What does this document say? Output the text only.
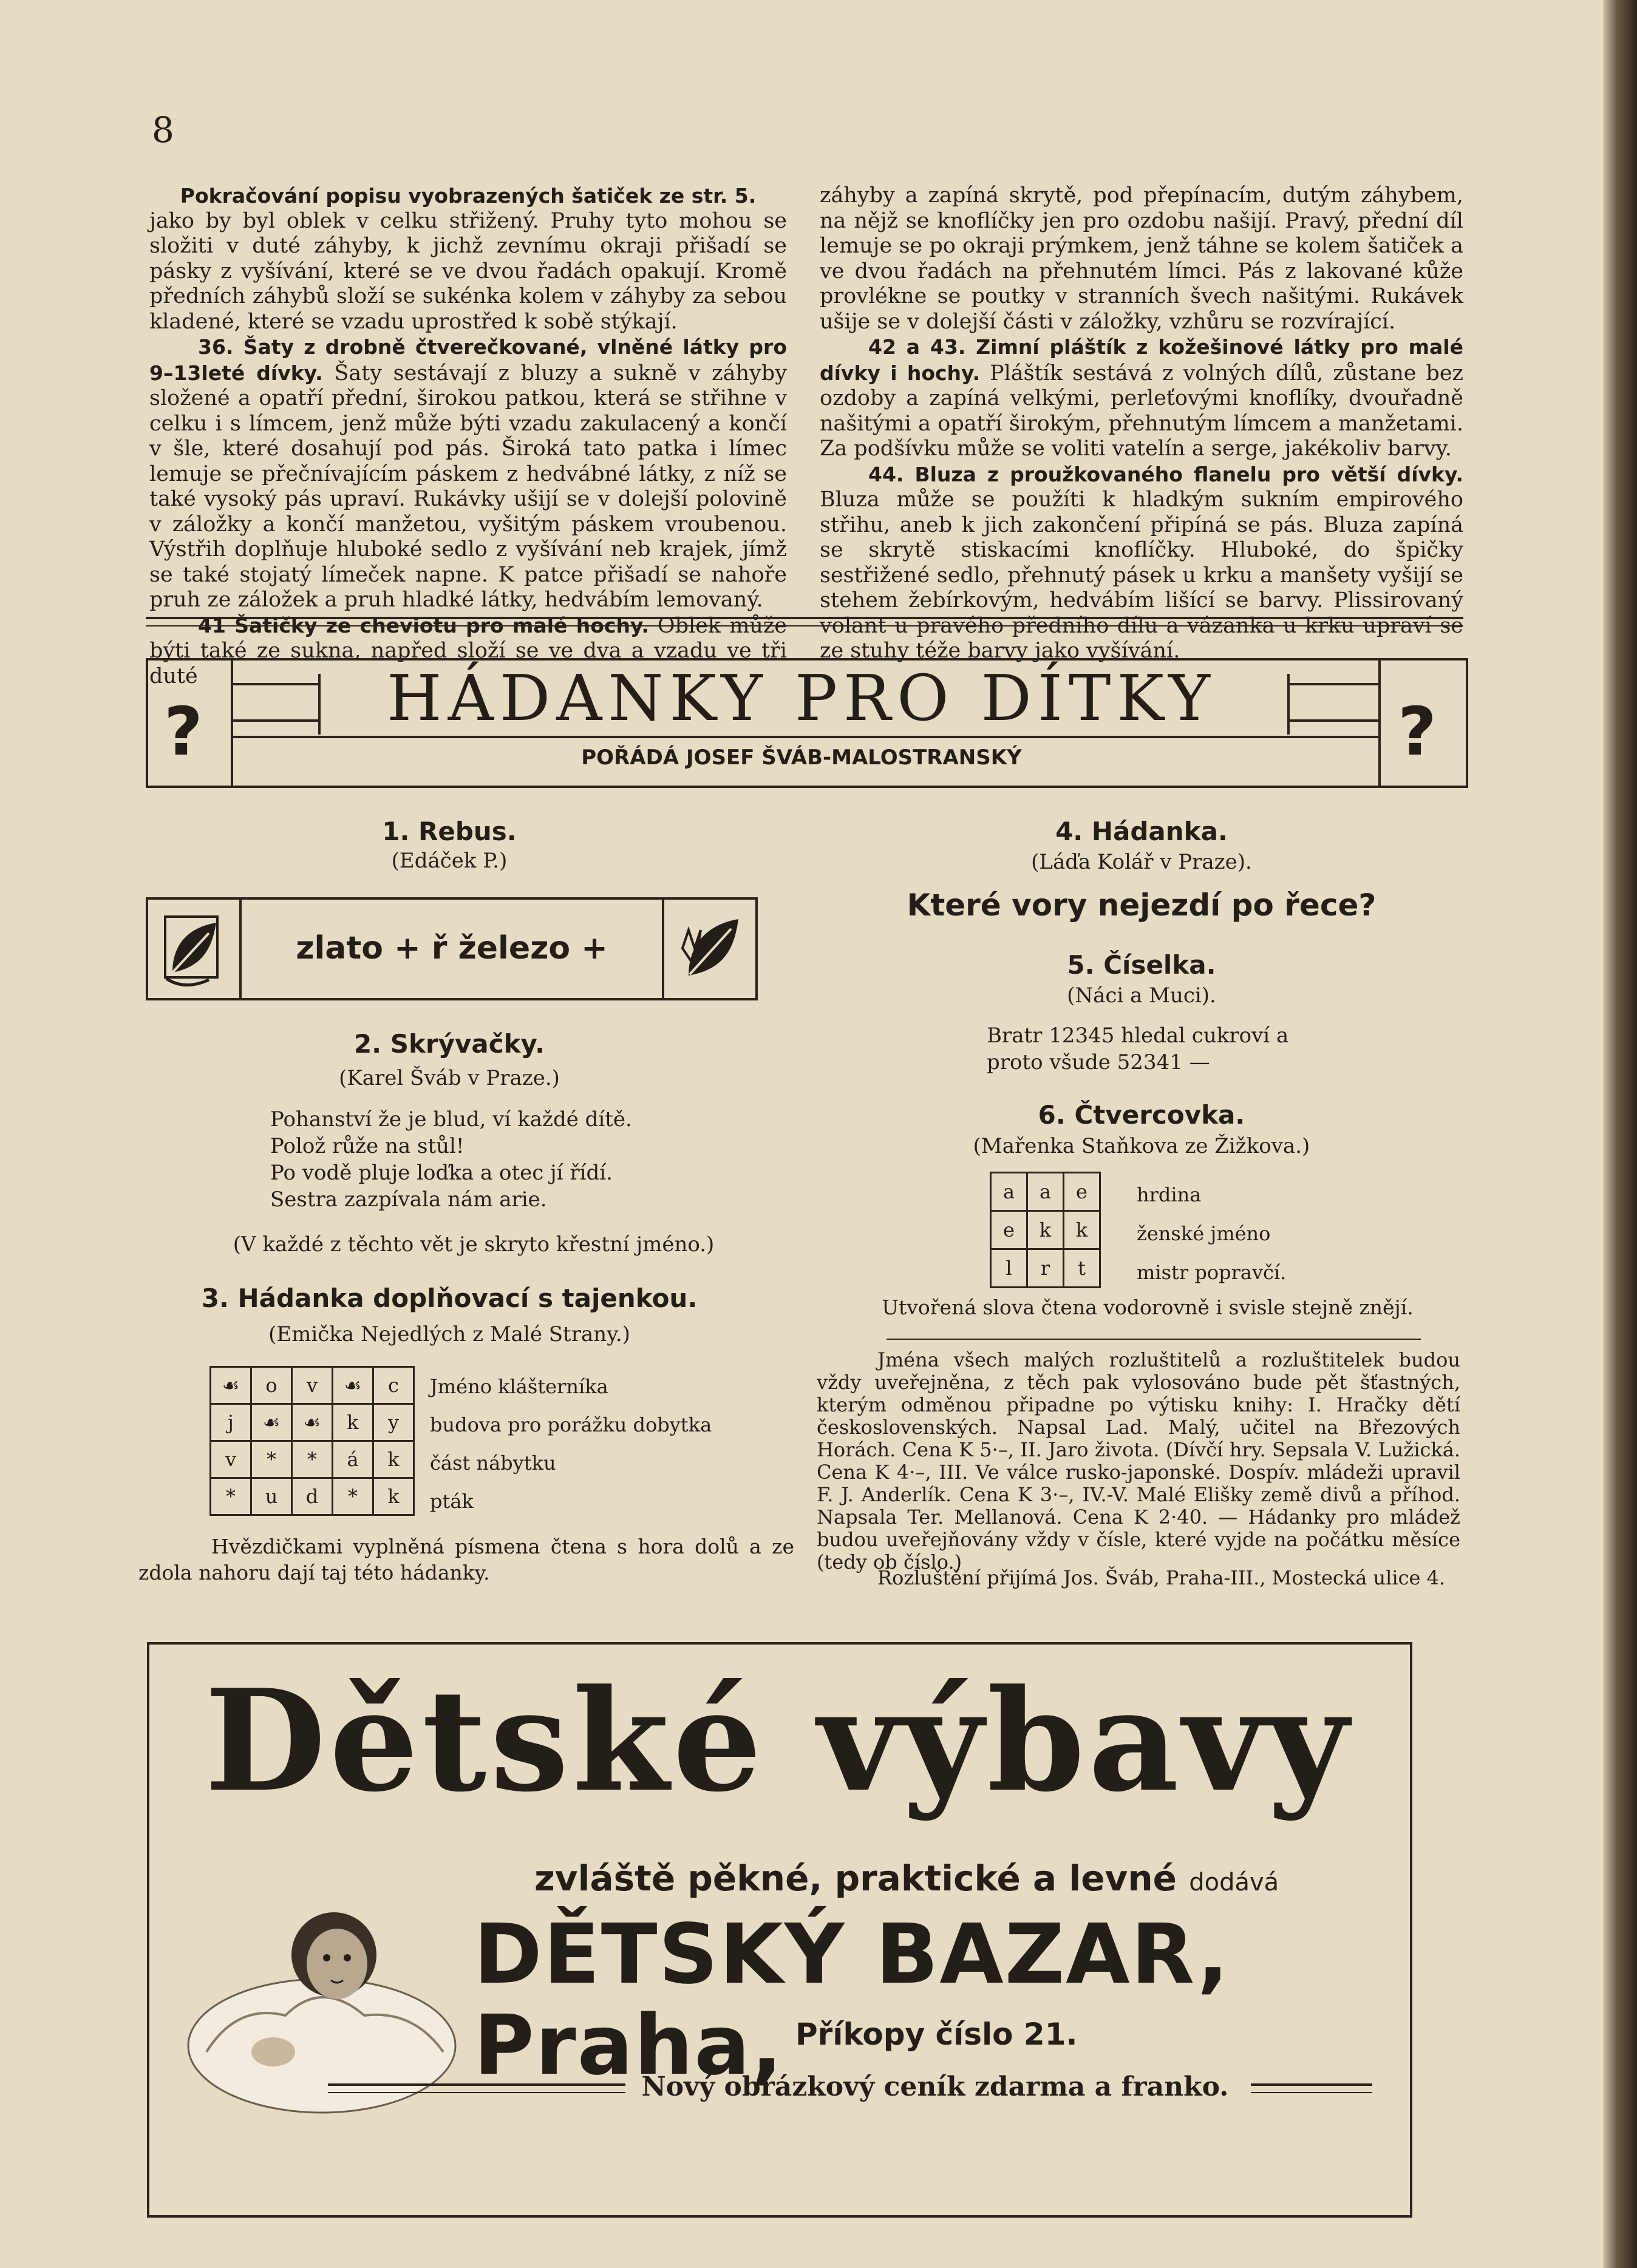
8

Pokračování popisu vyobrazených šatiček ze str. 5.

jako by byl oblek v celku střižený. Pruhy tyto mohou se složiti v duté záhyby, k jichž zevnímu okraji přišadí se pásky z vyšívání, které se ve dvou řadách opakují. Kromě předních záhybů složí se sukénka kolem v záhyby za sebou kladené, které se vzadu uprostřed k sobě stýkají.

36. Šaty z drobně čtverečkované, vlněné látky pro 9–13leté dívky. Šaty sestávají z bluzy a sukně v záhyby složené a opatří přední, širokou patkou, která se střihne v celku i s límcem, jenž může býti vzadu zakulacený a končí v šle, které dosahují pod pás. Široká tato patka i límec lemuje se přečnívajícím páskem z hedvábné látky, z níž se také vysoký pás upraví. Rukávky ušijí se v dolejší polovině v záložky a končí manžetou, vyšitým páskem vroubenou. Výstřih doplňuje hluboké sedlo z vyšívání neb krajek, jímž se také stojatý límeček napne. K patce přišadí se nahoře pruh ze záložek a pruh hladké látky, hedvábím lemovaný.

41 Šatičky ze cheviotu pro malé hochy. Oblek může býti také ze sukna, napřed složí se ve dva a vzadu ve tři duté

záhyby a zapíná skrytě, pod přepínacím, dutým záhybem, na nějž se knoflíčky jen pro ozdobu našijí. Pravý, přední díl lemuje se po okraji prýmkem, jenž táhne se kolem šatiček a ve dvou řadách na přehnutém límci. Pás z lakované kůže provlékne se poutky v stranních švech našitými. Rukávek ušije se v dolejší části v záložky, vzhůru se rozvírající.

42 a 43. Zimní pláštík z kožešinové látky pro malé dívky i hochy. Pláštík sestává z volných dílů, zůstane bez ozdoby a zapíná velkými, perleťovými knoflíky, dvouřadně našitými a opatří širokým, přehnutým límcem a manžetami. Za podšívku může se voliti vatelín a serge, jakékoliv barvy.

44. Bluza z proužkovaného flanelu pro větší dívky. Bluza může se použíti k hladkým sukním empirového střihu, aneb k jich zakončení připíná se pás. Bluza zapíná se skrytě stiskacími knoflíčky. Hluboké, do špičky sestřižené sedlo, přehnutý pásek u krku a manšety vyšijí se stehem žebírkovým, hedvábím lišící se barvy. Plissirovaný volant u pravého předního dílu a vázanka u krku upraví se ze stuhy téže barvy jako vyšívání.

?	?
HÁDANKY PRO DÍTKY
POŘÁDÁ JOSEF ŠVÁB-MALOSTRANSKÝ
1. Rebus.
(Edáček P.)
zlato + ř železo +
2. Skrývačky.
(Karel Šváb v Praze.)
Pohanství že je blud, ví každé dítě.
Polož růže na stůl!
Po vodě pluje loďka a otec jí řídí.
Sestra zazpívala nám arie.
(V každé z těchto vět je skryto křestní jméno.)
3. Hádanka doplňovací s tajenkou.
(Emička Nejedlých z Malé Strany.)
☙	o	v	☙	c
j	☙	☙	k	y
v	*	*	á	k
*	u	d	*	k
Jméno klášterníka
budova pro porážku dobytka
část nábytku
pták
Hvězdičkami vyplněná písmena čtena s hora dolů a ze zdola nahoru dají taj této hádanky.
4. Hádanka.
(Láďa Kolář v Praze).
Které vory nejezdí po řece?
5. Číselka.
(Náci a Muci).
Bratr 12345 hledal cukroví a proto všude 52341 —
6. Čtvercovka.
(Mařenka Staňkova ze Žižkova.)
a	a	e
e	k	k
l	r	t
hrdina
ženské jméno
mistr popravčí.
Utvořená slova čtena vodorovně i svisle stejně znějí.
Jména všech malých rozluštitelů a rozluštitelek budou vždy uveřejněna, z těch pak vylosováno bude pět šťastných, kterým odměnou připadne po výtisku knihy: I. Hračky dětí československých. Napsal Lad. Malý, učitel na Březových Horách. Cena K 5·–, II. Jaro života. (Dívčí hry. Sepsala V. Lužická. Cena K 4·–, III. Ve válce rusko-japonské. Dospív. mládeži upravil F. J. Anderlík. Cena K 3·–, IV.-V. Malé Elišky země divů a příhod. Napsala Ter. Mellanová. Cena K 2·40. — Hádanky pro mládež budou uveřejňovány vždy v čísle, které vyjde na počátku měsíce (tedy ob číslo.)
Rozluštění přijímá Jos. Šváb, Praha-III., Mostecká ulice 4.
Dětské výbavy
zvláště pěkné, praktické a levné dodává
DĚTSKÝ BAZAR, Praha, Příkopy číslo 21.
Nový obrázkový ceník zdarma a franko.
